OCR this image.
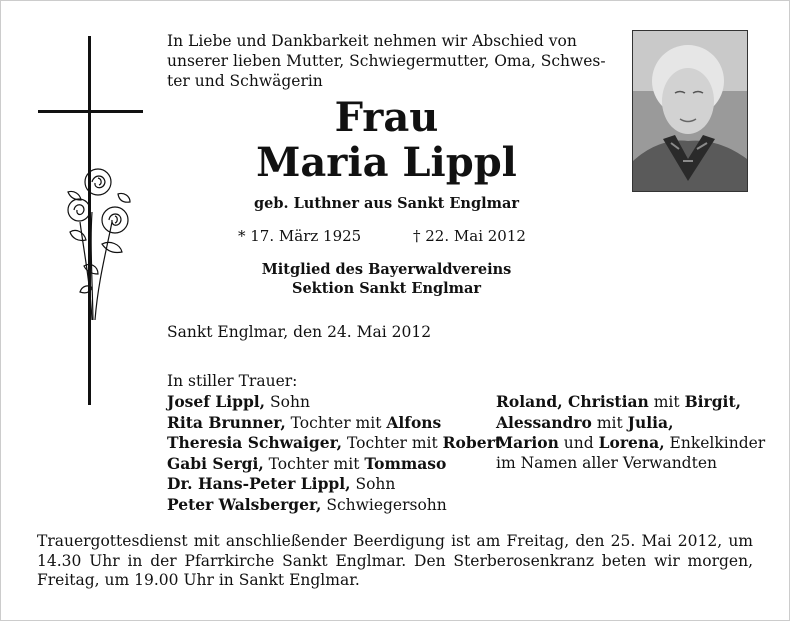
In Liebe und Dankbarkeit nehmen wir Abschied von
unserer lieben Mutter, Schwiegermutter, Oma, Schwes-
ter und Schwägerin
Frau
Maria Lippl
geb. Luthner aus Sankt Englmar
* 17. März 1925	† 22. Mai 2012
Mitglied des Bayerwaldvereins
Sektion Sankt Englmar
Sankt Englmar, den 24. Mai 2012
In stiller Trauer:
Josef Lippl, Sohn
Rita Brunner, Tochter mit Alfons
Theresia Schwaiger, Tochter mit Robert
Gabi Sergi, Tochter mit Tommaso
Dr. Hans-Peter Lippl, Sohn
Peter Walsberger, Schwiegersohn
Roland, Christian mit Birgit,
Alessandro mit Julia,
Marion und Lorena, Enkelkinder
im Namen aller Verwandten
Trauergottesdienst mit anschließender Beerdigung ist am Freitag, den 25. Mai 2012, um 14.30 Uhr in der Pfarrkirche Sankt Englmar. Den Sterberosenkranz beten wir morgen, Freitag, um 19.00 Uhr in Sankt Englmar.
